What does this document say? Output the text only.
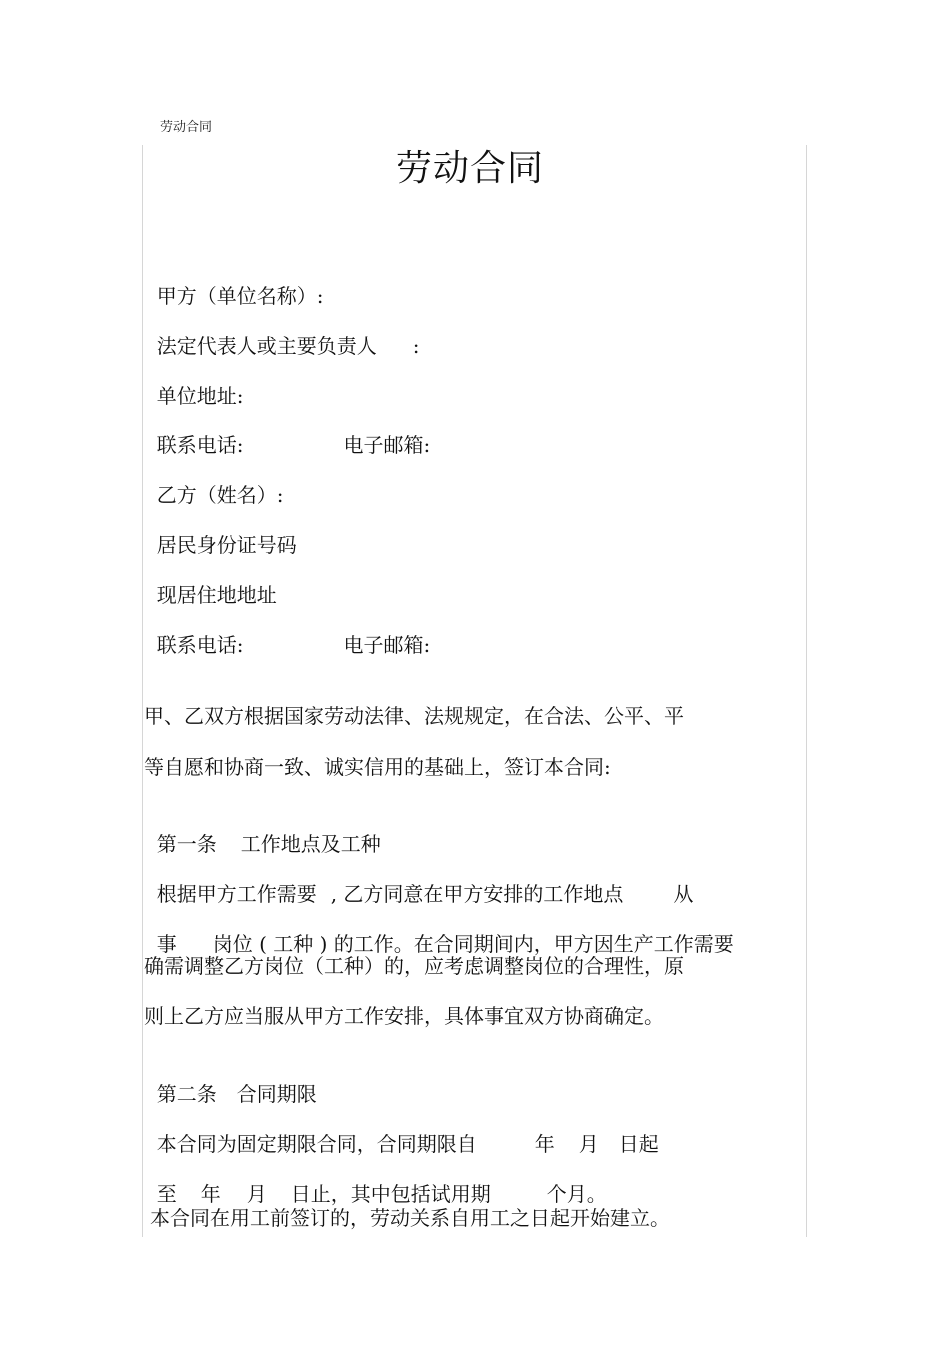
劳动合同
劳动合同

甲方（单位名称）:

法定代表人或主要负责人 :

单位地址:

联系电话:	电子邮箱:

乙方（姓名）:

居民身份证号码

现居住地地址

联系电话:	电子邮箱:

甲、乙双方根据国家劳动法律、法规规定，在合法、公平、平
等自愿和协商一致、诚实信用的基础上，签订本合同:

第一条 工作地点及工种

根据甲方工作需要 , 乙方同意在甲方安排的工作地点	从

事 岗位 ( 工种 ) 的工作。在合同期间内，甲方因生产工作需要

确需调整乙方岗位（工种）的，应考虑调整岗位的合理性，原
则上乙方应当服从甲方工作安排，具体事宜双方协商确定。

第二条 合同期限

本合同为固定期限合同，合同期限自	年 月 日起

至 年 月 日止，其中包括试用期	个月。

本合同在用工前签订的，劳动关系自用工之日起开始建立。
